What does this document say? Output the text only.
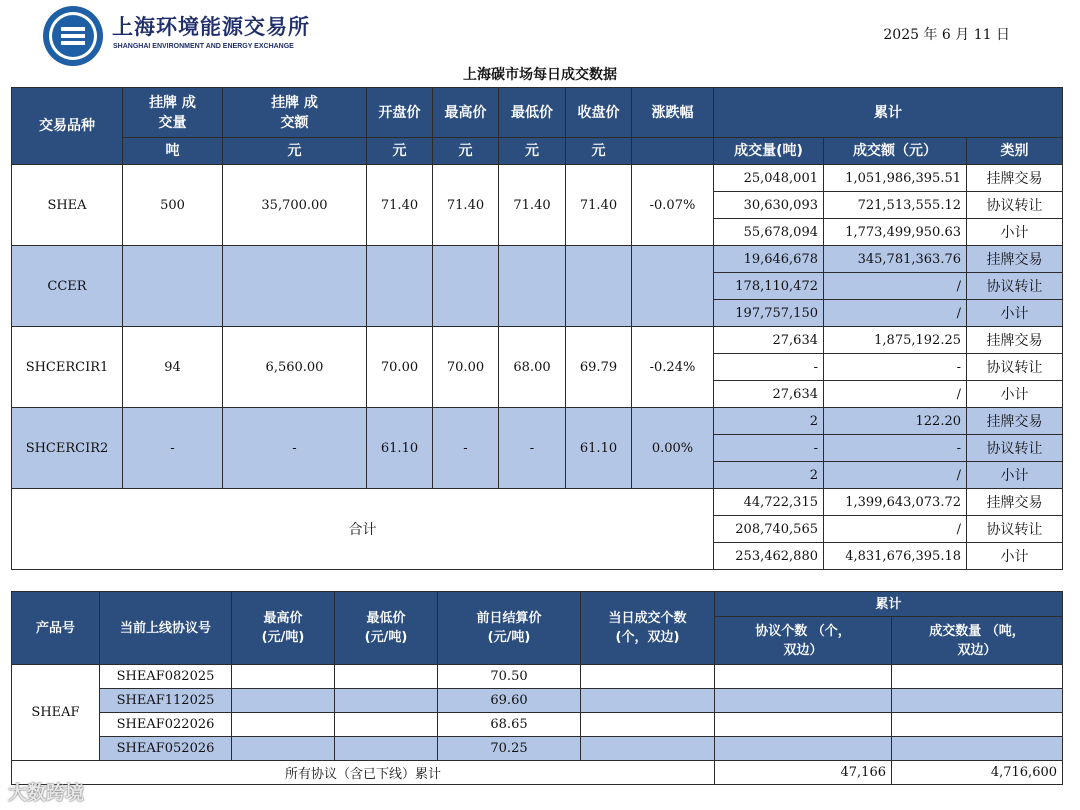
上海环境能源交易所
SHANGHAI ENVIRONMENT AND ENERGY EXCHANGE
2025 年 6 月 11 日
上海碳市场每日成交数据
交易品种	挂牌 成交量	挂牌 成交额	开盘价	最高价	最低价	收盘价	涨跌幅	累计		
	吨	元	元	元	元	元		成交量(吨)	成交额（元）	类别
SHEA	500	35,700.00	71.40	71.40	71.40	71.40	-0.07%	25,048,001	1,051,986,395.51	挂牌交易
								30,630,093	721,513,555.12	协议转让
								55,678,094	1,773,499,950.63	小计
CCER								19,646,678	345,781,363.76	挂牌交易
								178,110,472	/	协议转让
								197,757,150	/	小计
SHCERCIR1	94	6,560.00	70.00	70.00	68.00	69.79	-0.24%	27,634	1,875,192.25	挂牌交易
								-	-	协议转让
								27,634	/	小计
SHCERCIR2	-	-	61.10	-	-	61.10	0.00%	2	122.20	挂牌交易
								-	-	协议转让
								2	/	小计
合计								44,722,315	1,399,643,073.72	挂牌交易
								208,740,565	/	协议转让
								253,462,880	4,831,676,395.18	小计
产品号	当前上线协议号	最高价 (元/吨)	最低价 (元/吨)	前日结算价 (元/吨)	当日成交个数 (个，双边)	累计	
						协议个数 （个，双边）	成交数量 （吨，双边）
SHEAF	SHEAF082025			70.50			
	SHEAF112025			69.60			
	SHEAF022026			68.65			
	SHEAF052026			70.25			
所有协议（含已下线）累计						47,166	4,716,600
大数跨境
